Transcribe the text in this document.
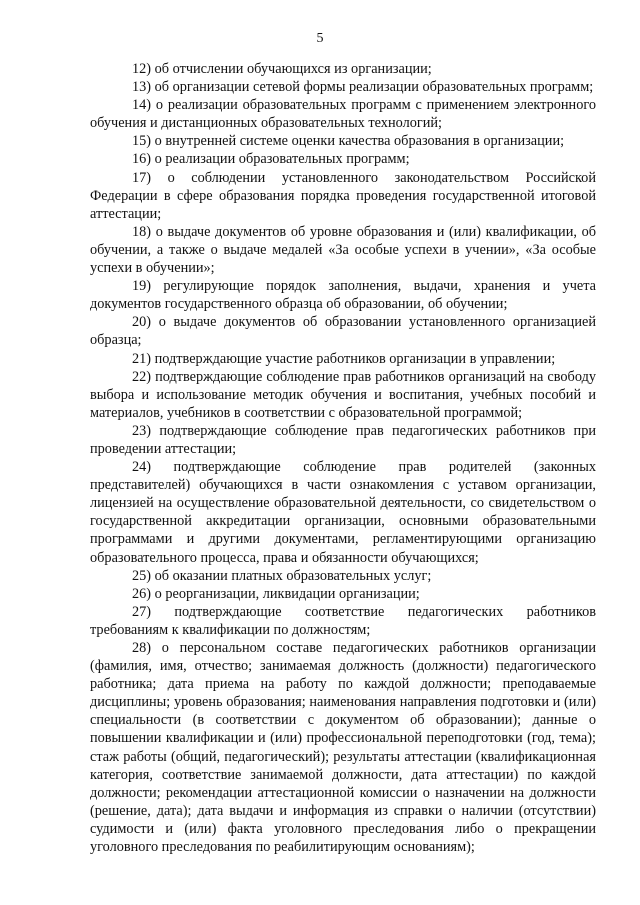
5

12) об отчислении обучающихся из организации;

13) об организации сетевой формы реализации образовательных программ;

14) о реализации образовательных программ с применением электронного обучения и дистанционных образовательных технологий;

15) о внутренней системе оценки качества образования в организации;

16) о реализации образовательных программ;

17) о соблюдении установленного законодательством Российской Федерации в сфере образования порядка проведения государственной итоговой аттестации;

18) о выдаче документов об уровне образования и (или) квалификации, об обучении, а также о выдаче медалей «За особые успехи в учении», «За особые успехи в обучении»;

19) регулирующие порядок заполнения, выдачи, хранения и учета документов государственного образца об образовании, об обучении;

20) о выдаче документов об образовании установленного организацией образца;

21) подтверждающие участие работников организации в управлении;

22) подтверждающие соблюдение прав работников организаций на свободу выбора и использование методик обучения и воспитания, учебных пособий и материалов, учебников в соответствии с образовательной программой;

23) подтверждающие соблюдение прав педагогических работников при проведении аттестации;

24) подтверждающие соблюдение прав родителей (законных представителей) обучающихся в части ознакомления с уставом организации, лицензией на осуществление образовательной деятельности, со свидетельством о государственной аккредитации организации, основными образовательными программами и другими документами, регламентирующими организацию образовательного процесса, права и обязанности обучающихся;

25) об оказании платных образовательных услуг;

26) о реорганизации, ликвидации организации;

27) подтверждающие соответствие педагогических работников требованиям к квалификации по должностям;

28) о персональном составе педагогических работников организации (фамилия, имя, отчество; занимаемая должность (должности) педагогического работника; дата приема на работу по каждой должности; преподаваемые дисциплины; уровень образования; наименования направления подготовки и (или) специальности (в соответствии с документом об образовании); данные о повышении квалификации и (или) профессиональной переподготовки (год, тема); стаж работы (общий, педагогический); результаты аттестации (квалификационная категория, соответствие занимаемой должности, дата аттестации) по каждой должности; рекомендации аттестационной комиссии о назначении на должности (решение, дата); дата выдачи и информация из справки о наличии (отсутствии) судимости и (или) факта уголовного преследования либо о прекращении уголовного преследования по реабилитирующим основаниям);
